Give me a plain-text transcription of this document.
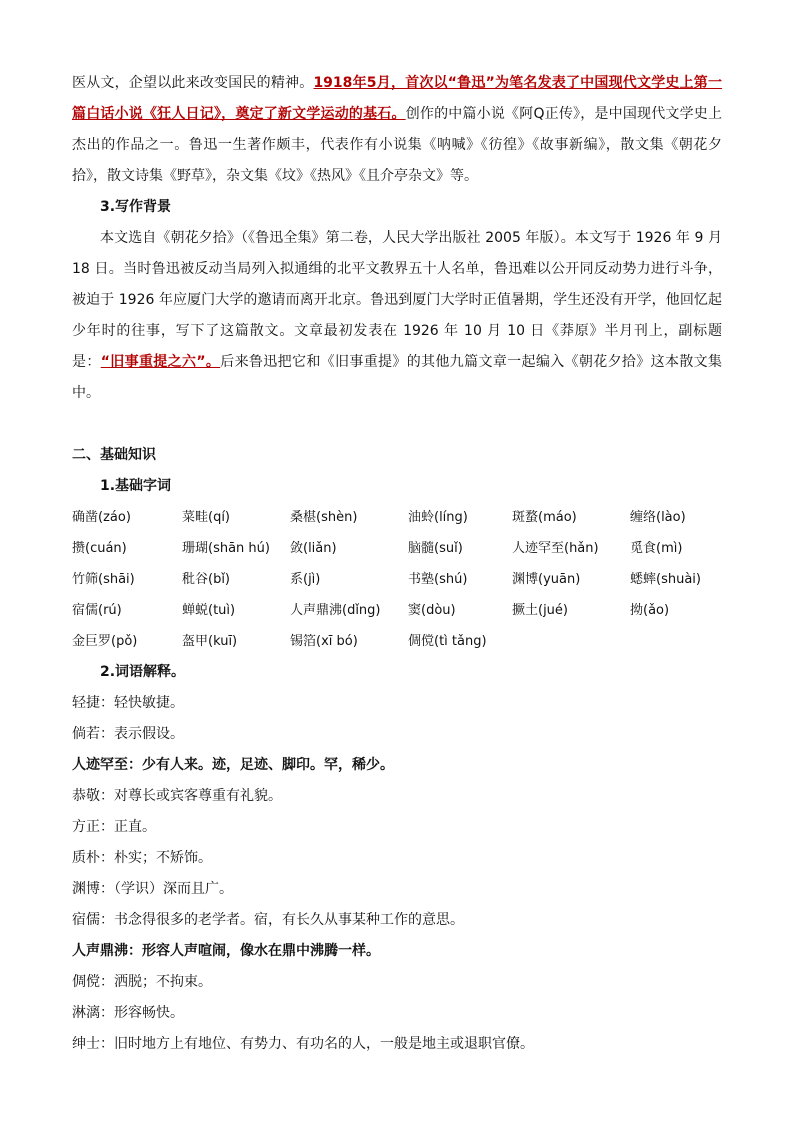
医从文，企望以此来改变国民的精神。1918年5月，首次以“鲁迅”为笔名发表了中国现代文学史上第一篇白话小说《狂人日记》，奠定了新文学运动的基石。创作的中篇小说《阿Q正传》，是中国现代文学史上杰出的作品之一。鲁迅一生著作颇丰，代表作有小说集《呐喊》《彷徨》《故事新编》，散文集《朝花夕拾》，散文诗集《野草》，杂文集《坟》《热风》《且介亭杂文》等。

3.写作背景

本文选自《朝花夕拾》（《鲁迅全集》第二卷，人民大学出版社 2005 年版）。本文写于 1926 年 9 月 18 日。当时鲁迅被反动当局列入拟通缉的北平文教界五十人名单，鲁迅难以公开同反动势力进行斗争，被迫于 1926 年应厦门大学的邀请而离开北京。鲁迅到厦门大学时正值暑期，学生还没有开学，他回忆起少年时的往事，写下了这篇散文。文章最初发表在 1926 年 10 月 10 日《莽原》半月刊上，副标题是：“旧事重提之六”。后来鲁迅把它和《旧事重提》的其他九篇文章一起编入《朝花夕拾》这本散文集中。

二、基础知识

1.基础字词

确凿(záo)	菜畦(qí)	桑椹(shèn)	油蛉(líng)	斑蝥(máo)	缠络(lào)
攒(cuán)	珊瑚(shān hú)	敛(liǎn)	脑髓(suǐ)	人迹罕至(hǎn)	觅食(mì)
竹筛(shāi)	秕谷(bǐ)	系(jì)	书塾(shú)	渊博(yuān)	蟋蟀(shuài)
宿儒(rú)	蝉蜕(tuì)	人声鼎沸(dǐng)	窦(dòu)	撅土(jué)	拗(ǎo)
金巨罗(pǒ)	盔甲(kuī)	锡箔(xī bó)	倜傥(tì tǎng)

2.词语解释。

轻捷：轻快敏捷。

倘若：表示假设。

人迹罕至：少有人来。迹，足迹、脚印。罕，稀少。

恭敬：对尊长或宾客尊重有礼貌。

方正：正直。

质朴：朴实；不矫饰。

渊博：（学识）深而且广。

宿儒：书念得很多的老学者。宿，有长久从事某种工作的意思。

人声鼎沸：形容人声喧闹，像水在鼎中沸腾一样。

倜傥：洒脱；不拘束。

淋漓：形容畅快。

绅士：旧时地方上有地位、有势力、有功名的人，一般是地主或退职官僚。
